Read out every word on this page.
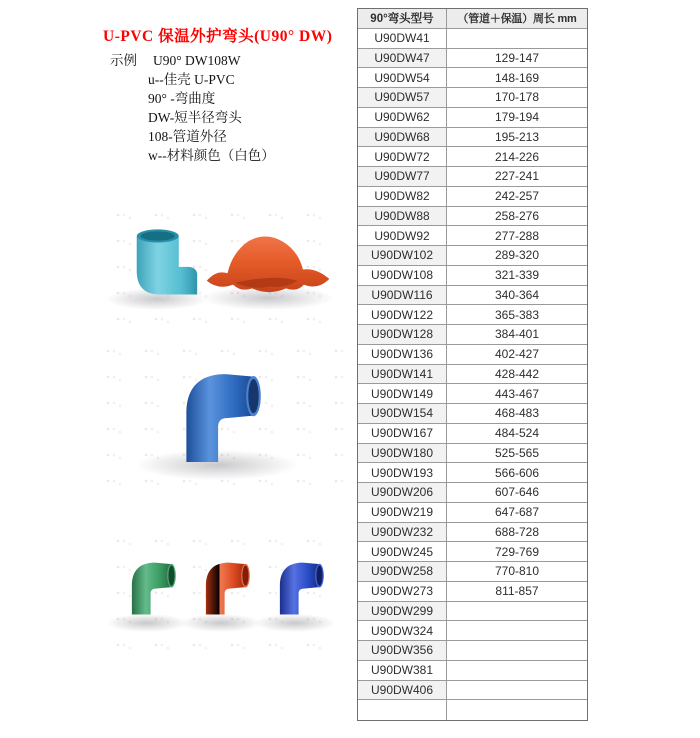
U-PVC 保温外护弯头(U90° DW)
示例 U90° DW108W
u--佳壳 U-PVC
90° -弯曲度
DW-短半径弯头
108-管道外径
w--材料颜色（白色）
90°弯头型号	（管道＋保温）周长 mm
U90DW41
U90DW47	129-147
U90DW54	148-169
U90DW57	170-178
U90DW62	179-194
U90DW68	195-213
U90DW72	214-226
U90DW77	227-241
U90DW82	242-257
U90DW88	258-276
U90DW92	277-288
U90DW102	289-320
U90DW108	321-339
U90DW116	340-364
U90DW122	365-383
U90DW128	384-401
U90DW136	402-427
U90DW141	428-442
U90DW149	443-467
U90DW154	468-483
U90DW167	484-524
U90DW180	525-565
U90DW193	566-606
U90DW206	607-646
U90DW219	647-687
U90DW232	688-728
U90DW245	729-769
U90DW258	770-810
U90DW273	811-857
U90DW299
U90DW324
U90DW356
U90DW381
U90DW406
